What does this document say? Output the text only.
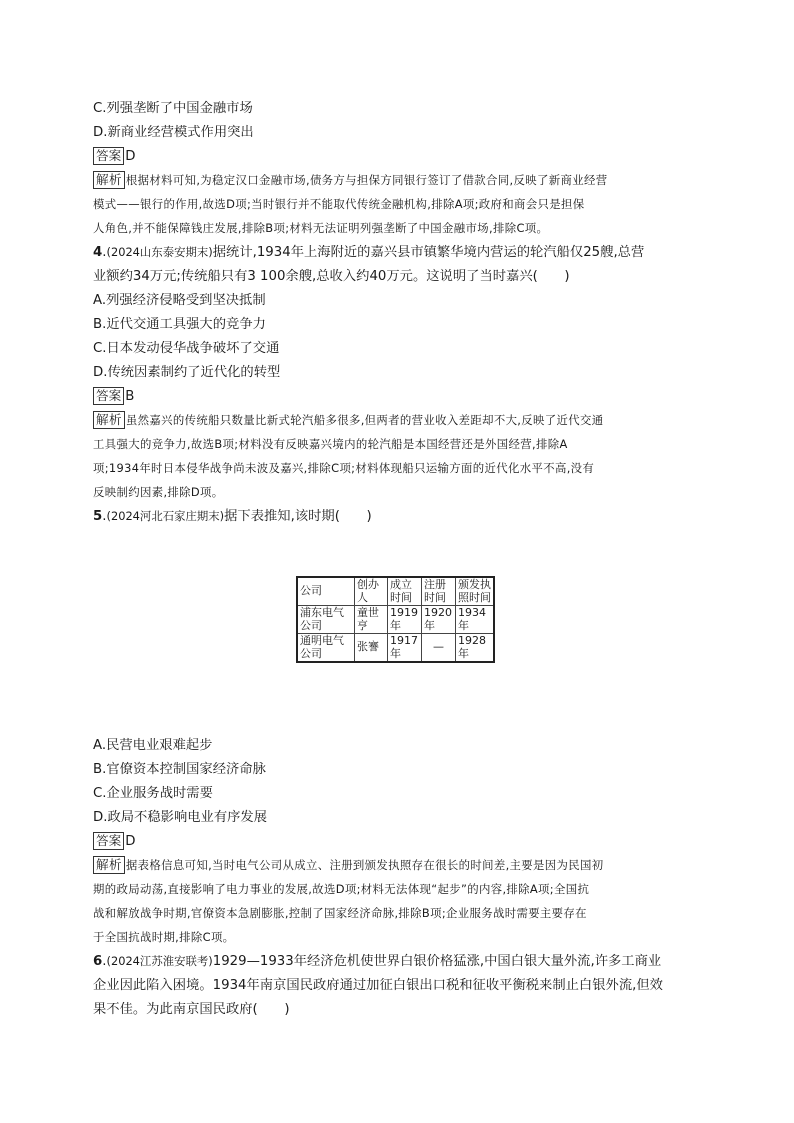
C.列强垄断了中国金融市场
D.新商业经营模式作用突出
答案 D
解析 根据材料可知,为稳定汉口金融市场,债务方与担保方同银行签订了借款合同,反映了新商业经营
模式——银行的作用,故选D项;当时银行并不能取代传统金融机构,排除A项;政府和商会只是担保
人角色,并不能保障钱庄发展,排除B项;材料无法证明列强垄断了中国金融市场,排除C项。
4.(2024山东泰安期末)据统计,1934年上海附近的嘉兴县市镇繁华境内营运的轮汽船仅25艘,总营
业额约34万元;传统船只有3 100余艘,总收入约40万元。这说明了当时嘉兴(　　)
A.列强经济侵略受到坚决抵制
B.近代交通工具强大的竞争力
C.日本发动侵华战争破坏了交通
D.传统因素制约了近代化的转型
答案 B
解析 虽然嘉兴的传统船只数量比新式轮汽船多很多,但两者的营业收入差距却不大,反映了近代交通
工具强大的竞争力,故选B项;材料没有反映嘉兴境内的轮汽船是本国经营还是外国经营,排除A
项;1934年时日本侵华战争尚未波及嘉兴,排除C项;材料体现船只运输方面的近代化水平不高,没有
反映制约因素,排除D项。
5.(2024河北石家庄期末)据下表推知,该时期(　　)
公司	创办人	成立时间	注册时间	颁发执照时间
浦东电气公司	童世亨	1919年	1920年	1934年
通明电气公司	张謇	1917年	—	1928年
A.民营电业艰难起步
B.官僚资本控制国家经济命脉
C.企业服务战时需要
D.政局不稳影响电业有序发展
答案 D
解析 据表格信息可知,当时电气公司从成立、注册到颁发执照存在很长的时间差,主要是因为民国初
期的政局动荡,直接影响了电力事业的发展,故选D项;材料无法体现“起步”的内容,排除A项;全国抗
战和解放战争时期,官僚资本急剧膨胀,控制了国家经济命脉,排除B项;企业服务战时需要主要存在
于全国抗战时期,排除C项。
6.(2024江苏淮安联考)1929—1933年经济危机使世界白银价格猛涨,中国白银大量外流,许多工商业
企业因此陷入困境。1934年南京国民政府通过加征白银出口税和征收平衡税来制止白银外流,但效
果不佳。为此南京国民政府(　　)
